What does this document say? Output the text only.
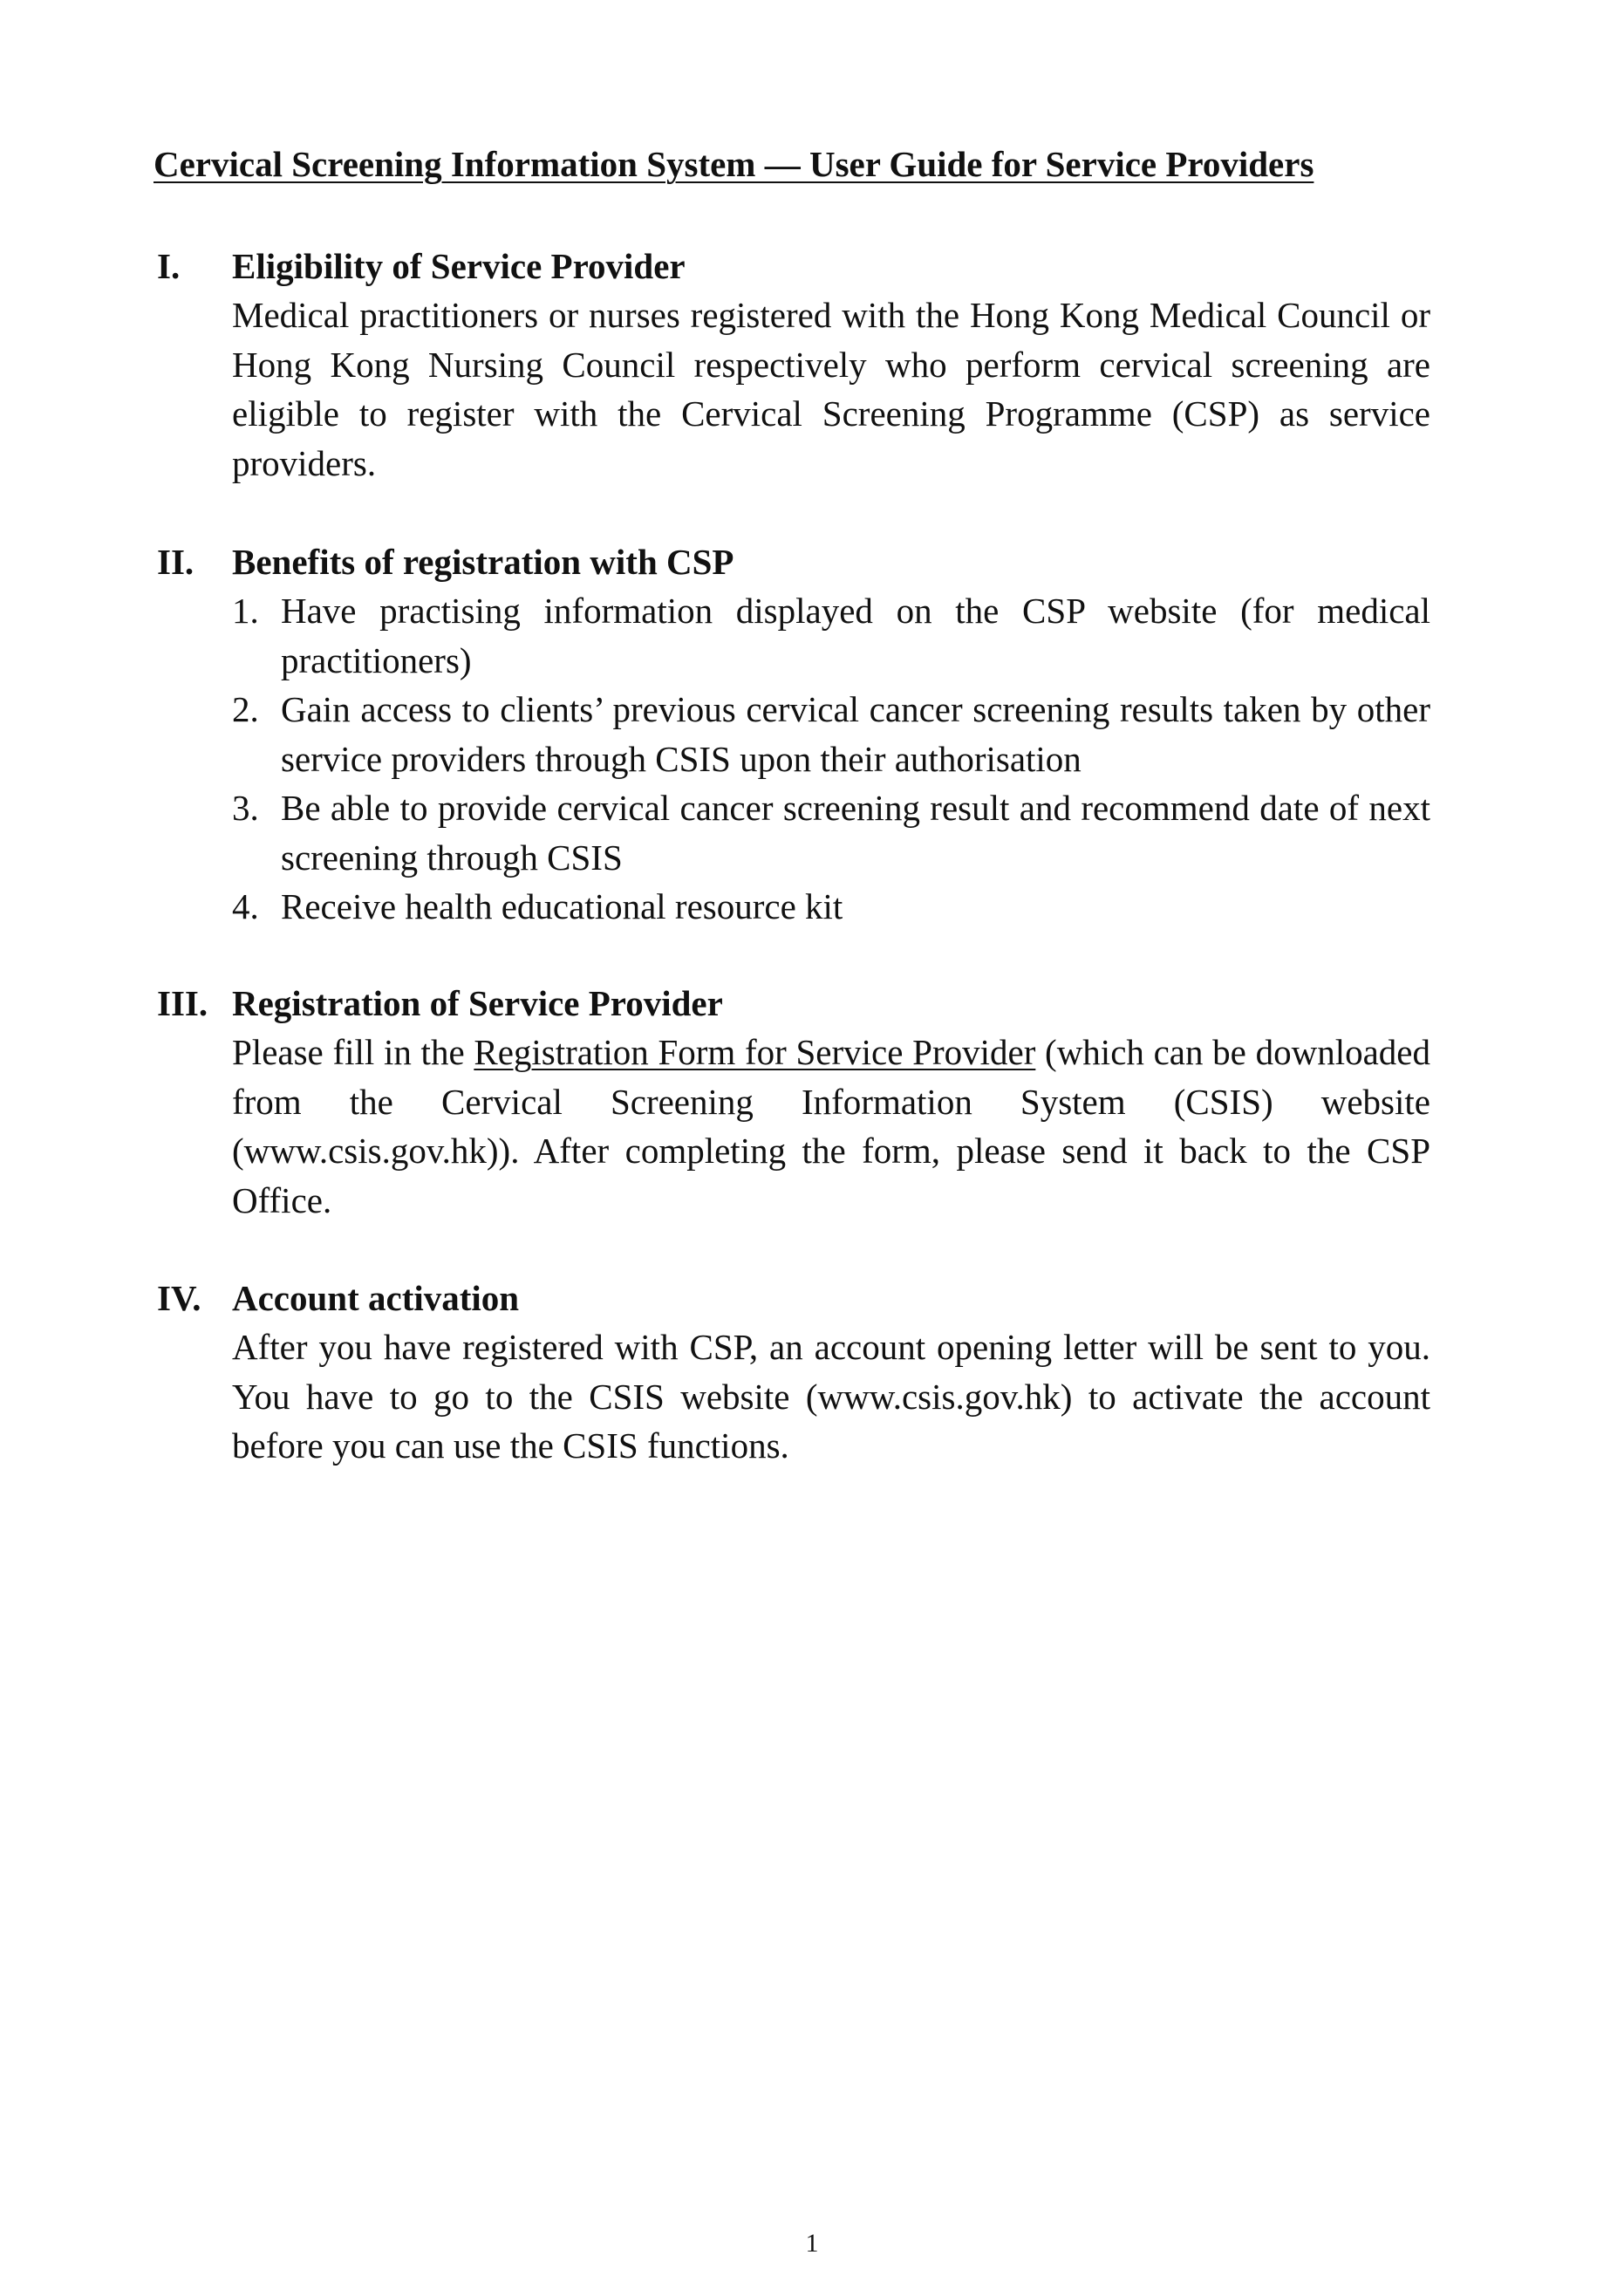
Cervical Screening Information System — User Guide for Service Providers
I.	Eligibility of Service Provider
Medical practitioners or nurses registered with the Hong Kong Medical Council or Hong Kong Nursing Council respectively who perform cervical screening are eligible to register with the Cervical Screening Programme (CSP) as service providers.
II.	Benefits of registration with CSP
1. Have practising information displayed on the CSP website (for medical practitioners)
2. Gain access to clients’ previous cervical cancer screening results taken by other service providers through CSIS upon their authorisation
3. Be able to provide cervical cancer screening result and recommend date of next screening through CSIS
4. Receive health educational resource kit
III. Registration of Service Provider
Please fill in the Registration Form for Service Provider (which can be downloaded from the Cervical Screening Information System (CSIS) website (www.csis.gov.hk)). After completing the form, please send it back to the CSP Office.
IV. Account activation
After you have registered with CSP, an account opening letter will be sent to you. You have to go to the CSIS website (www.csis.gov.hk) to activate the account before you can use the CSIS functions.
1
